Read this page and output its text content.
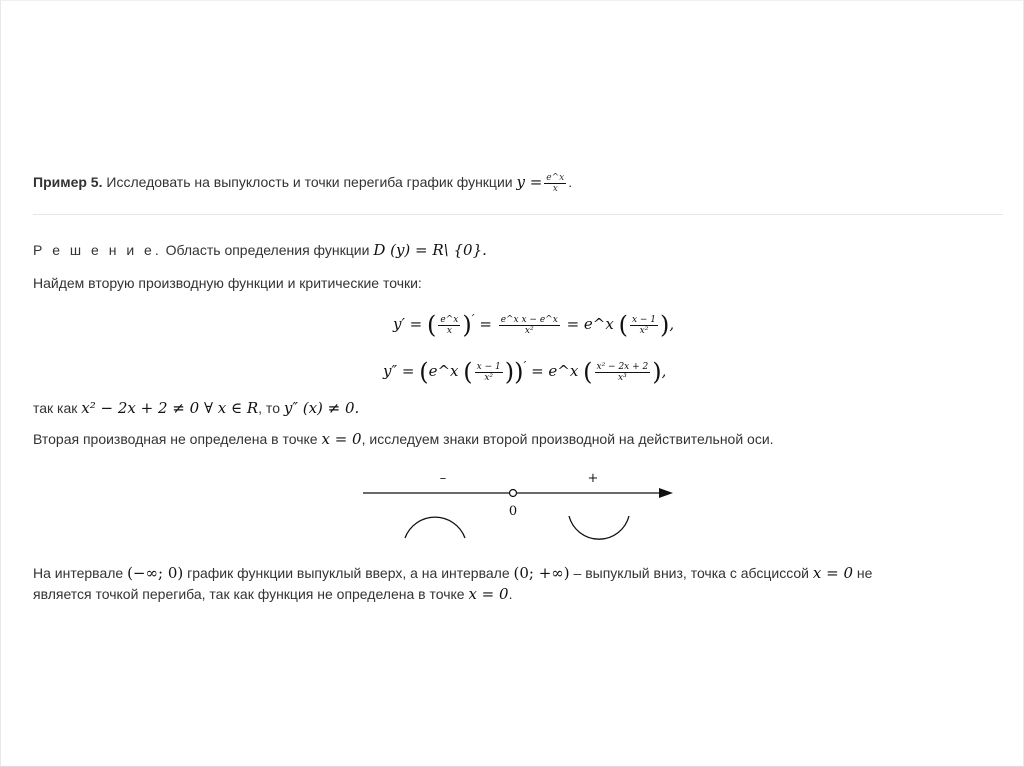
Пример 5. Исследовать на выпуклость и точки перегиба график функции $y = \frac{e\^{}x}{x}$ .
Р е ш е н и е. Область определения функции D (y) = R\ {0}.
Найдем вторую производную функции и критические точки:
y′ = ( $\frac{e\^{}x}{x} )' = \frac{\text{e\textasciicircum{}x x − e\textasciicircum{}x}}{\text{x²}}$ = e^x ( $\frac{x - 1}{\text{x²}}$ ),
y″ = (e^x ( $\frac{x - 1}{\text{x²}} ))'$ = e^x ( $\frac{\text{x² − 2x + 2}}{\text{x³}}$ ),
так как x² − 2x + 2 ≠ 0 ∀ x ∈ R, то y″ (x) ≠ 0.
Вторая производная не определена в точке x = 0, исследуем знаки второй производной на действительной оси.
–	+
0
На интервале (−∞; 0) график функции выпуклый вверх, а на интервале (0; +∞) – выпуклый вниз, точка с абсциссой x = 0 не
является точкой перегиба, так как функция не определена в точке x = 0.
